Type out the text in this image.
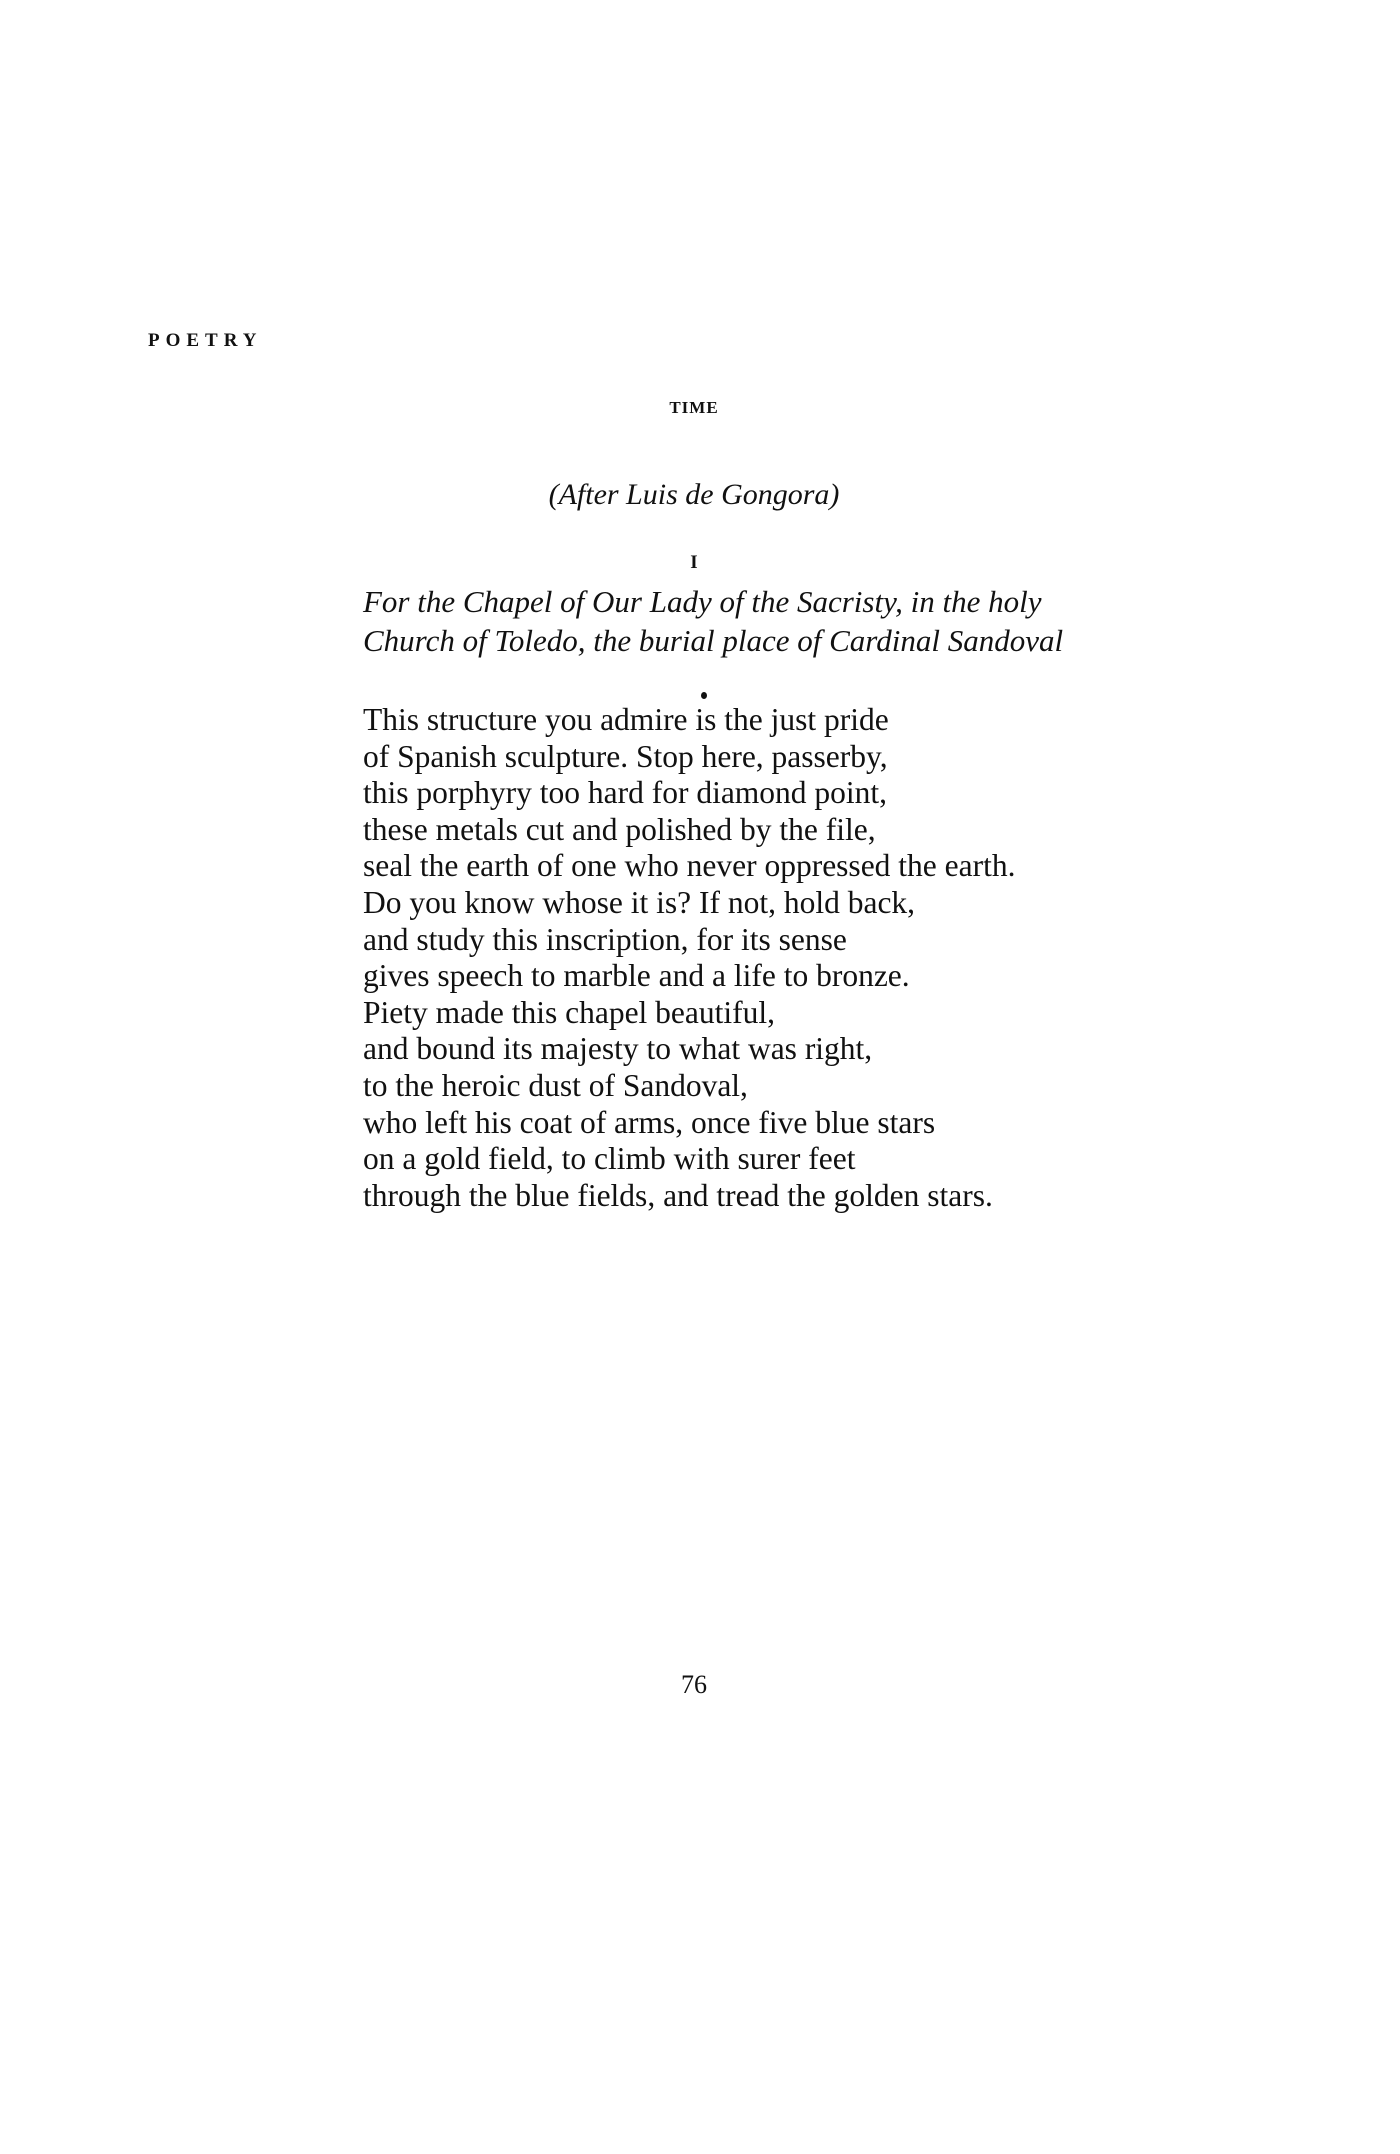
POETRY
TIME
(After Luis de Gongora)
I
For the Chapel of Our Lady of the Sacristy, in the holy
Church of Toledo, the burial place of Cardinal Sandoval
This structure you admire is the just pride
of Spanish sculpture. Stop here, passerby,
this porphyry too hard for diamond point,
these metals cut and polished by the file,
seal the earth of one who never oppressed the earth.
Do you know whose it is? If not, hold back,
and study this inscription, for its sense
gives speech to marble and a life to bronze.
Piety made this chapel beautiful,
and bound its majesty to what was right,
to the heroic dust of Sandoval,
who left his coat of arms, once five blue stars
on a gold field, to climb with surer feet
through the blue fields, and tread the golden stars.
76
